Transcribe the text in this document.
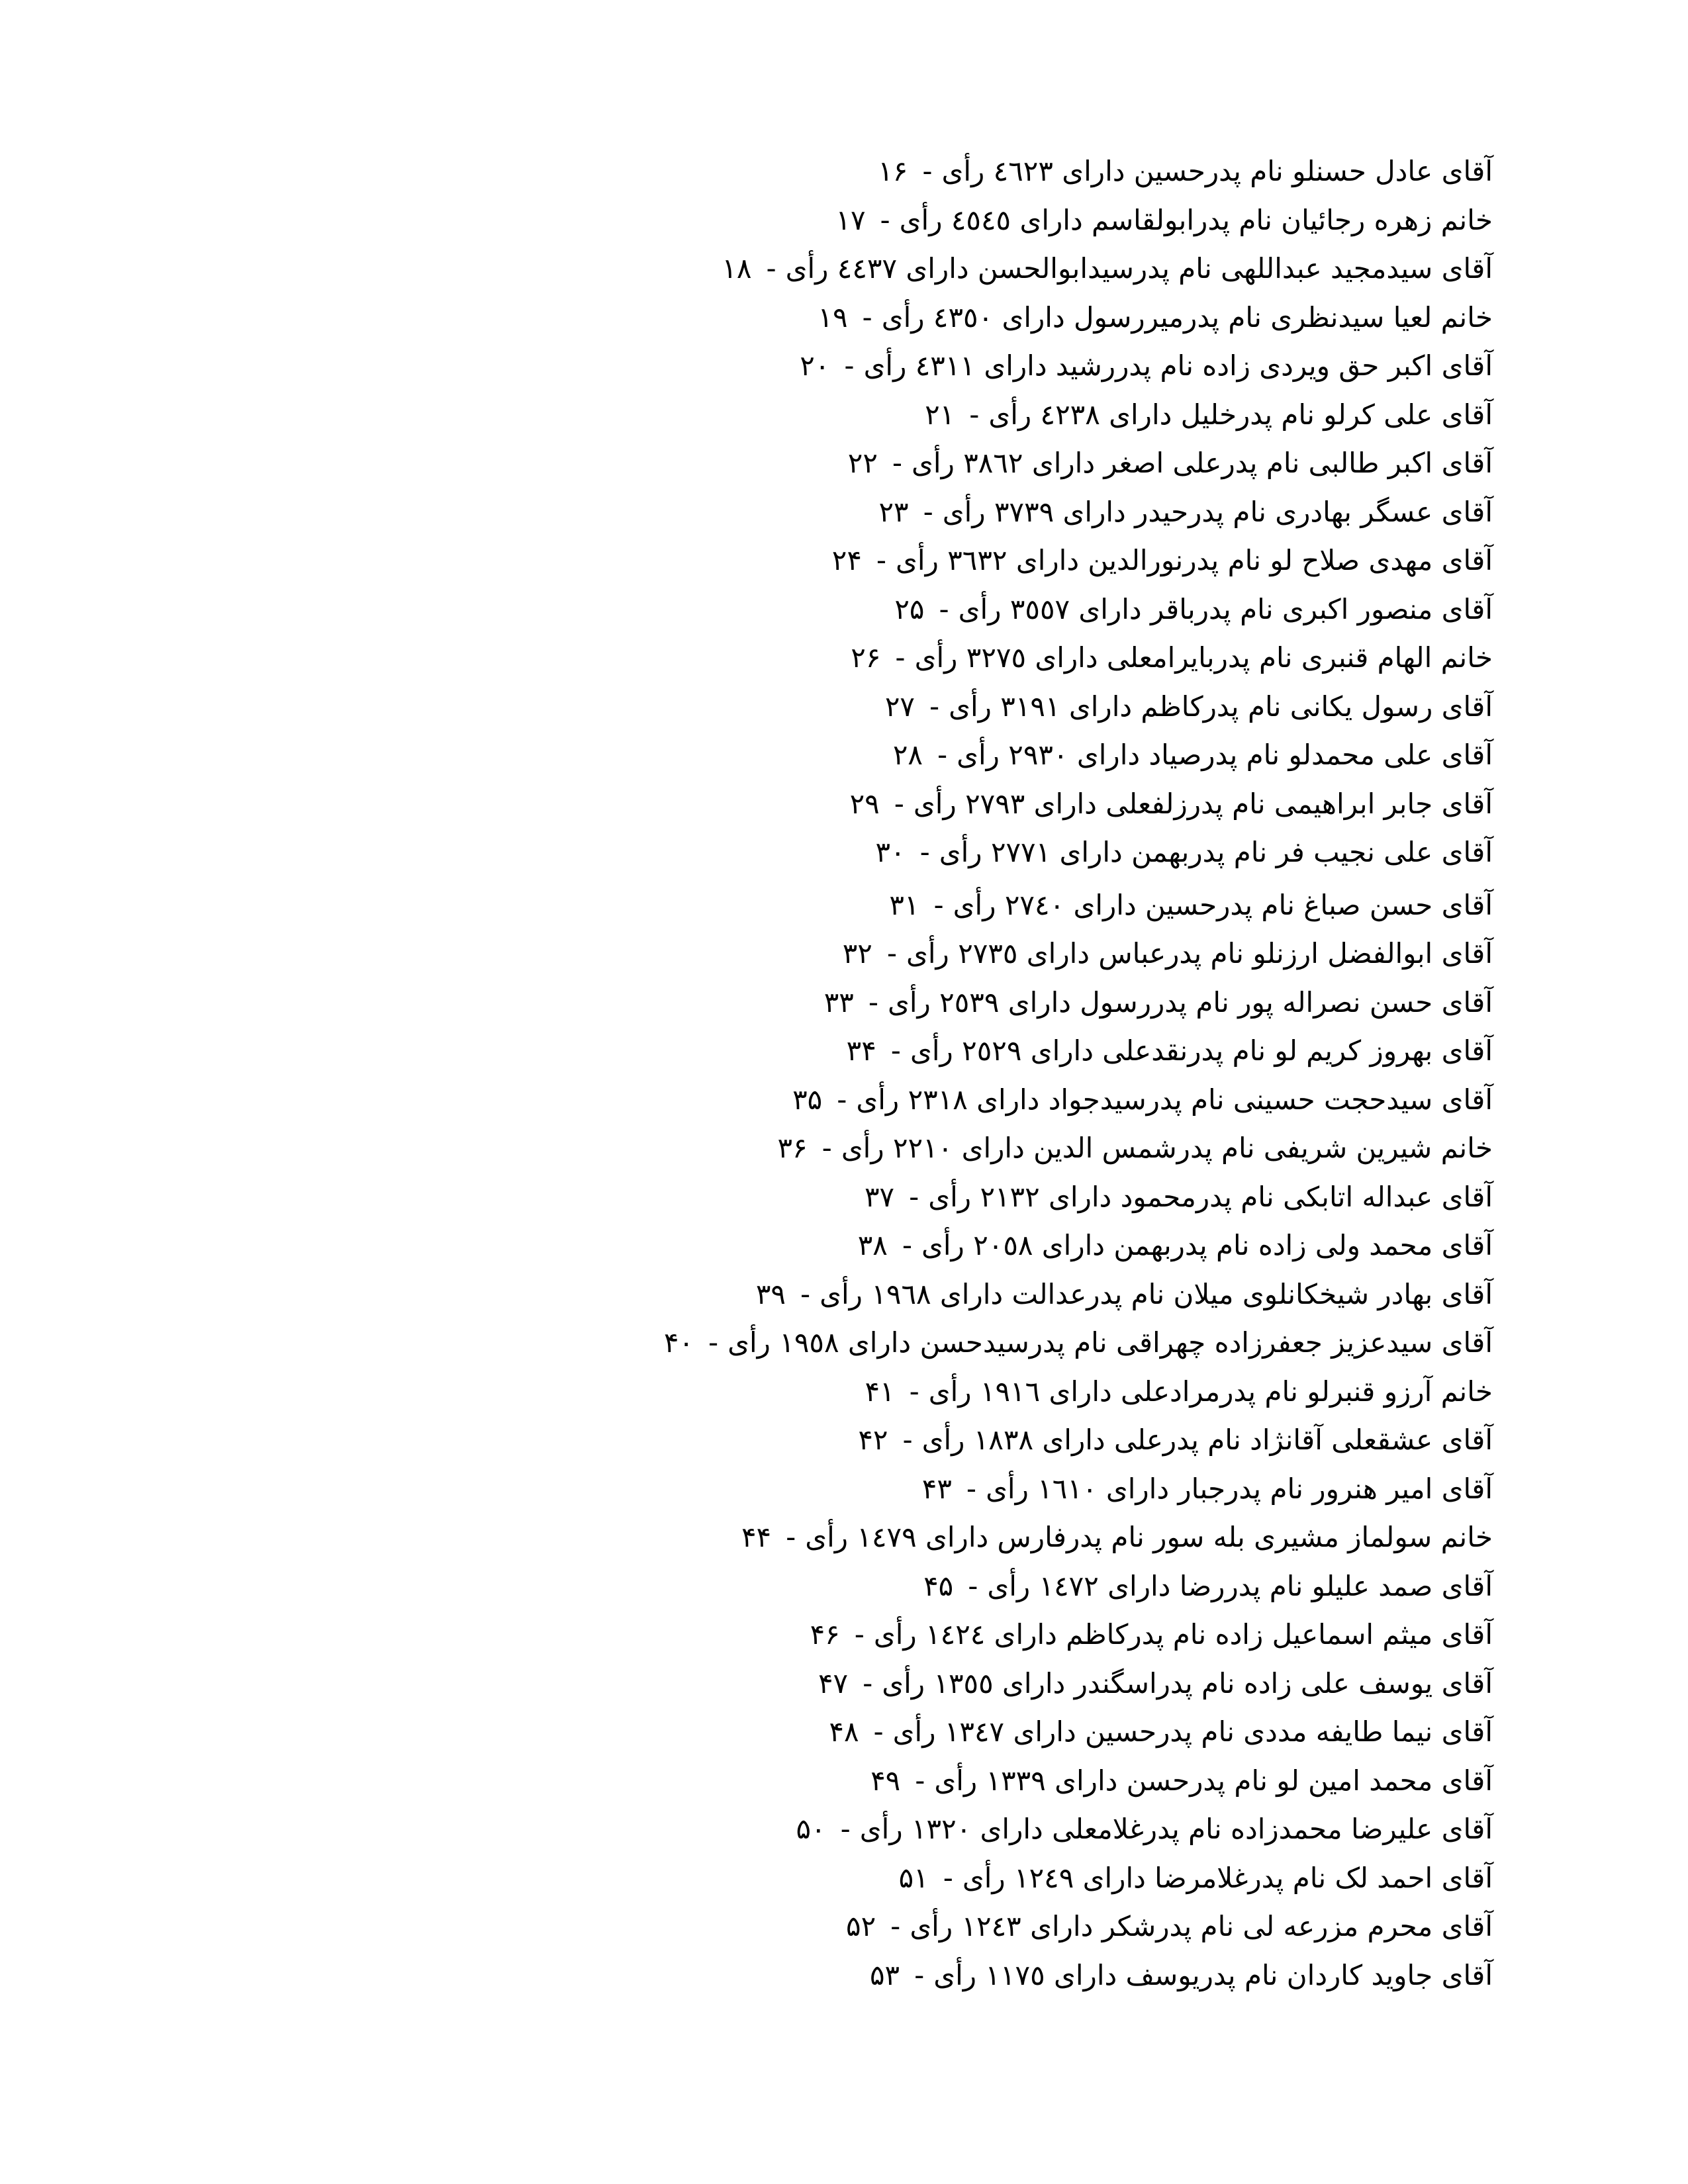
۱۶ - آقای عادل حسنلو نام پدرحسین دارای ٤٦٢٣ رأی
۱۷ - خانم زهره رجائیان نام پدرابولقاسم دارای ٤٥٤٥ رأی
۱۸ - آقای سیدمجید عبداللهی نام پدرسیدابوالحسن دارای ٤٤٣٧ رأی
۱۹ - خانم لعیا سیدنظری نام پدرمیررسول دارای ٤٣٥٠ رأی
۲۰ - آقای اکبر حق ویردی زاده نام پدررشید دارای ٤٣١١ رأی
۲۱ - آقای علی کرلو نام پدرخلیل دارای ٤٢٣٨ رأی
۲۲ - آقای اکبر طالبی نام پدرعلی اصغر دارای ٣٨٦٢ رأی
۲۳ - آقای عسگر بهادری نام پدرحیدر دارای ٣٧٣٩ رأی
۲۴ - آقای مهدی صلاح لو نام پدرنورالدین دارای ٣٦٣٢ رأی
۲۵ - آقای منصور اکبری نام پدرباقر دارای ٣٥٥٧ رأی
۲۶ - خانم الهام قنبری نام پدربایرامعلی دارای ٣٢٧٥ رأی
۲۷ - آقای رسول یکانی نام پدرکاظم دارای ٣١٩١ رأی
۲۸ - آقای علی محمدلو نام پدرصیاد دارای ٢٩٣٠ رأی
۲۹ - آقای جابر ابراهیمی نام پدرزلفعلی دارای ٢٧٩٣ رأی
۳۰ - آقای علی نجیب فر نام پدربهمن دارای ٢٧٧١ رأی
۳۱ - آقای حسن صباغ نام پدرحسین دارای ٢٧٤٠ رأی
۳۲ - آقای ابوالفضل ارزنلو نام پدرعباس دارای ٢٧٣٥ رأی
۳۳ - آقای حسن نصراله پور نام پدررسول دارای ٢٥٣٩ رأی
۳۴ - آقای بهروز کریم لو نام پدرنقدعلی دارای ٢٥٢٩ رأی
۳۵ - آقای سیدحجت حسینی نام پدرسیدجواد دارای ٢٣١٨ رأی
۳۶ - خانم شیرین شریفی نام پدرشمس الدین دارای ٢٢١٠ رأی
۳۷ - آقای عبداله اتابکی نام پدرمحمود دارای ٢١٣٢ رأی
۳۸ - آقای محمد ولی زاده نام پدربهمن دارای ٢٠٥٨ رأی
۳۹ - آقای بهادر شیخکانلوی میلان نام پدرعدالت دارای ١٩٦٨ رأی
۴۰ - آقای سیدعزیز جعفرزاده چهراقی نام پدرسیدحسن دارای ١٩٥٨ رأی
۴۱ - خانم آرزو قنبرلو نام پدرمرادعلی دارای ١٩١٦ رأی
۴۲ - آقای عشقعلی آقانژاد نام پدرعلی دارای ١٨٣٨ رأی
۴۳ - آقای امیر هنرور نام پدرجبار دارای ١٦١٠ رأی
۴۴ - خانم سولماز مشیری بله سور نام پدرفارس دارای ١٤٧٩ رأی
۴۵ - آقای صمد علیلو نام پدررضا دارای ١٤٧٢ رأی
۴۶ - آقای میثم اسماعیل زاده نام پدرکاظم دارای ١٤٢٤ رأی
۴۷ - آقای یوسف علی زاده نام پدراسگندر دارای ١٣٥٥ رأی
۴۸ - آقای نیما طایفه مددی نام پدرحسین دارای ١٣٤٧ رأی
۴۹ - آقای محمد امین لو نام پدرحسن دارای ١٣٣٩ رأی
۵۰ - آقای علیرضا محمدزاده نام پدرغلامعلی دارای ١٣٢٠ رأی
۵۱ - آقای احمد لک نام پدرغلامرضا دارای ١٢٤٩ رأی
۵۲ - آقای محرم مزرعه لی نام پدرشکر دارای ١٢٤٣ رأی
۵۳ - آقای جاوید کاردان نام پدریوسف دارای ١١٧٥ رأی
